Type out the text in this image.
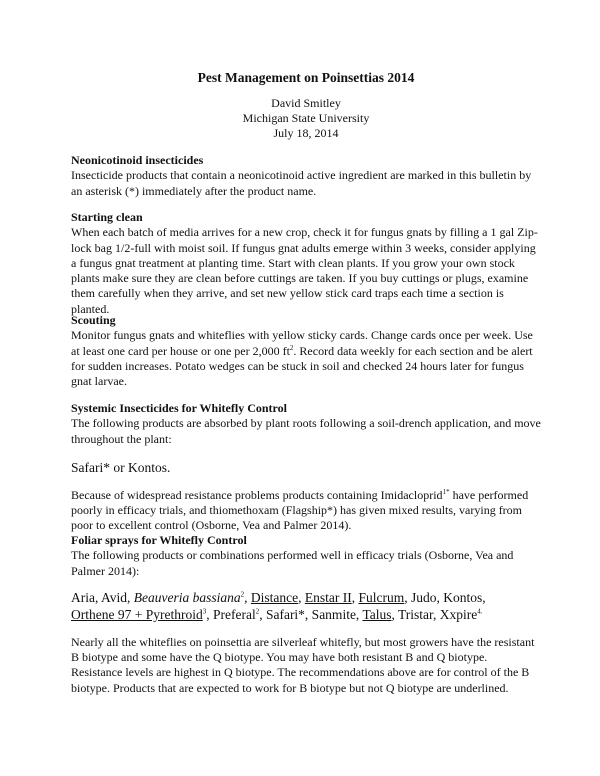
Pest Management on Poinsettias 2014
David Smitley
Michigan State University
July 18, 2014
Neonicotinoid insecticides

Insecticide products that contain a neonicotinoid active ingredient are marked in this bulletin by an asterisk (*) immediately after the product name.

Starting clean

When each batch of media arrives for a new crop, check it for fungus gnats by filling a 1 gal Zip-lock bag 1/2-full with moist soil. If fungus gnat adults emerge within 3 weeks, consider applying a fungus gnat treatment at planting time. Start with clean plants. If you grow your own stock plants make sure they are clean before cuttings are taken. If you buy cuttings or plugs, examine them carefully when they arrive, and set new yellow stick card traps each time a section is planted.

Scouting

Monitor fungus gnats and whiteflies with yellow sticky cards. Change cards once per week. Use at least one card per house or one per 2,000 $ft^2$. Record data weekly for each section and be alert for sudden increases. Potato wedges can be stuck in soil and checked 24 hours later for fungus gnat larvae.

Systemic Insecticides for Whitefly Control

The following products are absorbed by plant roots following a soil-drench application, and move throughout the plant:

Safari* or Kontos.

Because of widespread resistance problems products containing Imidacloprid$^{1*}$ have performed poorly in efficacy trials, and thiomethoxam (Flagship*) has given mixed results, varying from poor to excellent control (Osborne, Vea and Palmer 2014).

Foliar sprays for Whitefly Control

The following products or combinations performed well in efficacy trials (Osborne, Vea and Palmer 2014):

Aria, Avid, Beauveria bassiana$^2$, Distance, Enstar II, Fulcrum, Judo, Kontos,
Orthene 97 + Pyrethroid$^3$, Preferal$^2$, Safari*, Sanmite, Talus, Tristar, Xxpire$^{4.}$

Nearly all the whiteflies on poinsettia are silverleaf whitefly, but most growers have the resistant B biotype and some have the Q biotype. You may have both resistant B and Q biotype. Resistance levels are highest in Q biotype. The recommendations above are for control of the B biotype. Products that are expected to work for B biotype but not Q biotype are underlined.
